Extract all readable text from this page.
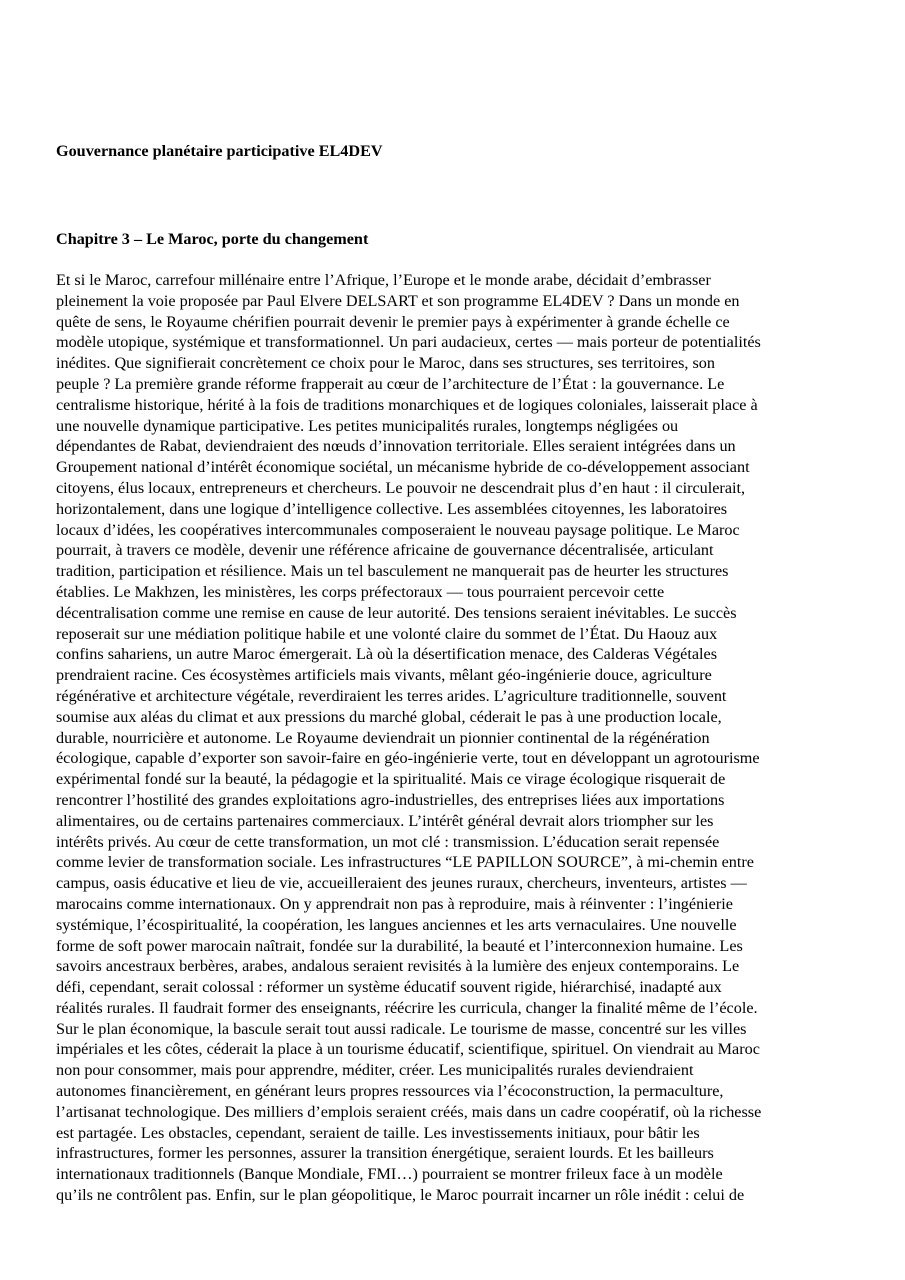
Gouvernance planétaire participative EL4DEV
Chapitre 3 – Le Maroc, porte du changement
Et si le Maroc, carrefour millénaire entre l’Afrique, l’Europe et le monde arabe, décidait d’embrasser
pleinement la voie proposée par Paul Elvere DELSART et son programme EL4DEV ? Dans un monde en
quête de sens, le Royaume chérifien pourrait devenir le premier pays à expérimenter à grande échelle ce
modèle utopique, systémique et transformationnel. Un pari audacieux, certes — mais porteur de potentialités
inédites. Que signifierait concrètement ce choix pour le Maroc, dans ses structures, ses territoires, son
peuple ? La première grande réforme frapperait au cœur de l’architecture de l’État : la gouvernance. Le
centralisme historique, hérité à la fois de traditions monarchiques et de logiques coloniales, laisserait place à
une nouvelle dynamique participative. Les petites municipalités rurales, longtemps négligées ou
dépendantes de Rabat, deviendraient des nœuds d’innovation territoriale. Elles seraient intégrées dans un
Groupement national d’intérêt économique sociétal, un mécanisme hybride de co-développement associant
citoyens, élus locaux, entrepreneurs et chercheurs. Le pouvoir ne descendrait plus d’en haut : il circulerait,
horizontalement, dans une logique d’intelligence collective. Les assemblées citoyennes, les laboratoires
locaux d’idées, les coopératives intercommunales composeraient le nouveau paysage politique. Le Maroc
pourrait, à travers ce modèle, devenir une référence africaine de gouvernance décentralisée, articulant
tradition, participation et résilience. Mais un tel basculement ne manquerait pas de heurter les structures
établies. Le Makhzen, les ministères, les corps préfectoraux — tous pourraient percevoir cette
décentralisation comme une remise en cause de leur autorité. Des tensions seraient inévitables. Le succès
reposerait sur une médiation politique habile et une volonté claire du sommet de l’État. Du Haouz aux
confins sahariens, un autre Maroc émergerait. Là où la désertification menace, des Calderas Végétales
prendraient racine. Ces écosystèmes artificiels mais vivants, mêlant géo-ingénierie douce, agriculture
régénérative et architecture végétale, reverdiraient les terres arides. L’agriculture traditionnelle, souvent
soumise aux aléas du climat et aux pressions du marché global, céderait le pas à une production locale,
durable, nourricière et autonome. Le Royaume deviendrait un pionnier continental de la régénération
écologique, capable d’exporter son savoir-faire en géo-ingénierie verte, tout en développant un agrotourisme
expérimental fondé sur la beauté, la pédagogie et la spiritualité. Mais ce virage écologique risquerait de
rencontrer l’hostilité des grandes exploitations agro-industrielles, des entreprises liées aux importations
alimentaires, ou de certains partenaires commerciaux. L’intérêt général devrait alors triompher sur les
intérêts privés. Au cœur de cette transformation, un mot clé : transmission. L’éducation serait repensée
comme levier de transformation sociale. Les infrastructures “LE PAPILLON SOURCE”, à mi-chemin entre
campus, oasis éducative et lieu de vie, accueilleraient des jeunes ruraux, chercheurs, inventeurs, artistes —
marocains comme internationaux. On y apprendrait non pas à reproduire, mais à réinventer : l’ingénierie
systémique, l’écospiritualité, la coopération, les langues anciennes et les arts vernaculaires. Une nouvelle
forme de soft power marocain naîtrait, fondée sur la durabilité, la beauté et l’interconnexion humaine. Les
savoirs ancestraux berbères, arabes, andalous seraient revisités à la lumière des enjeux contemporains. Le
défi, cependant, serait colossal : réformer un système éducatif souvent rigide, hiérarchisé, inadapté aux
réalités rurales. Il faudrait former des enseignants, réécrire les curricula, changer la finalité même de l’école.
Sur le plan économique, la bascule serait tout aussi radicale. Le tourisme de masse, concentré sur les villes
impériales et les côtes, céderait la place à un tourisme éducatif, scientifique, spirituel. On viendrait au Maroc
non pour consommer, mais pour apprendre, méditer, créer. Les municipalités rurales deviendraient
autonomes financièrement, en générant leurs propres ressources via l’écoconstruction, la permaculture,
l’artisanat technologique. Des milliers d’emplois seraient créés, mais dans un cadre coopératif, où la richesse
est partagée. Les obstacles, cependant, seraient de taille. Les investissements initiaux, pour bâtir les
infrastructures, former les personnes, assurer la transition énergétique, seraient lourds. Et les bailleurs
internationaux traditionnels (Banque Mondiale, FMI…) pourraient se montrer frileux face à un modèle
qu’ils ne contrôlent pas. Enfin, sur le plan géopolitique, le Maroc pourrait incarner un rôle inédit : celui de
